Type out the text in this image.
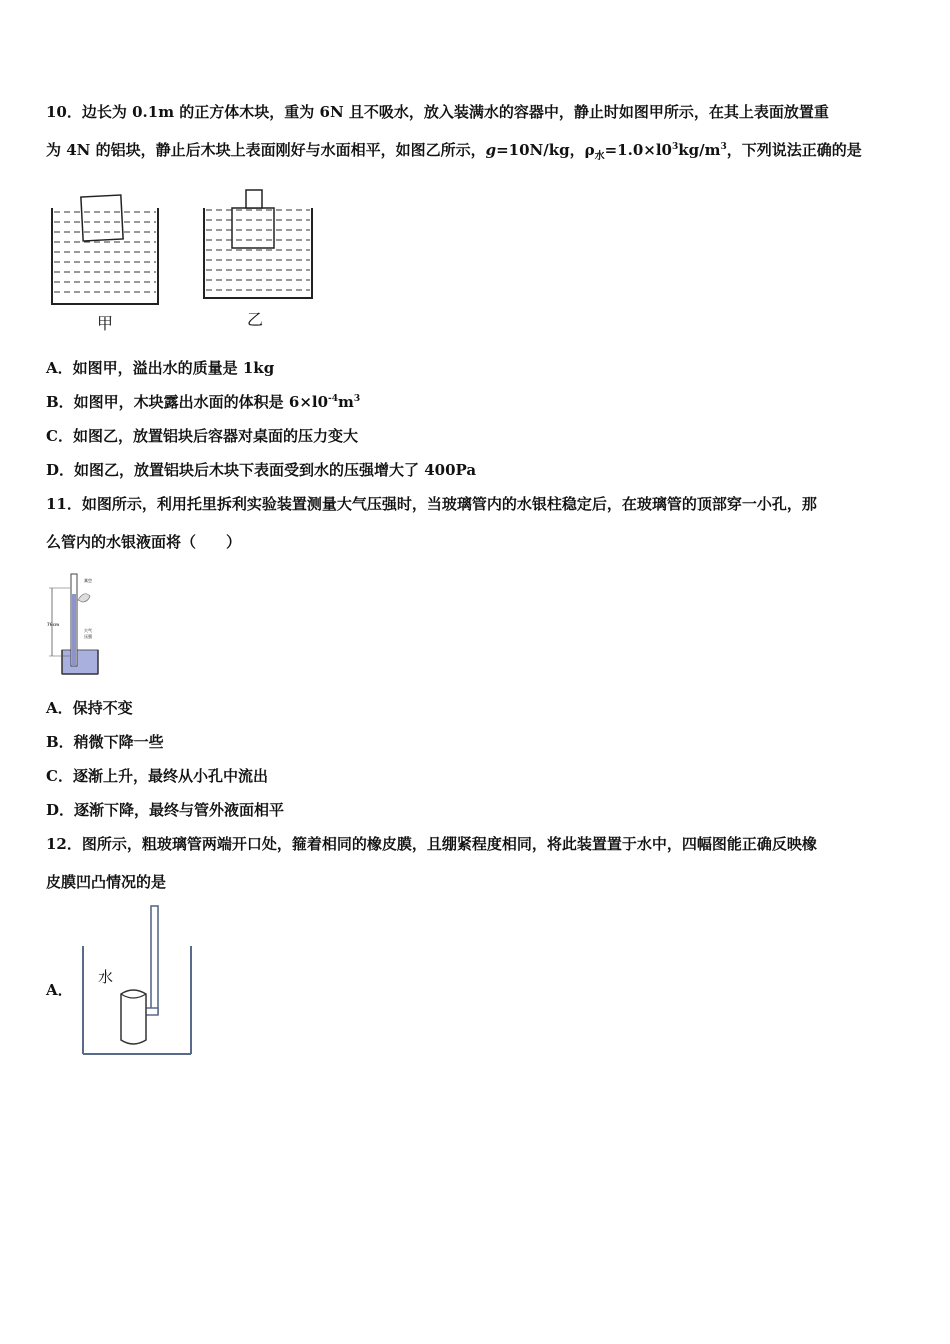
10．边长为 0.1m 的正方体木块，重为 6N 且不吸水，放入装满水的容器中，静止时如图甲所示，在其上表面放置重
为 4N 的铝块，静止后木块上表面刚好与水面相平，如图乙所示，g=10N/kg，$\rho_水=1.0\times l0^3kg/m^3$，下列说法正确的是
甲	乙
A．如图甲，溢出水的质量是 1kg
B．如图甲，木块露出水面的体积是 $6\times l0^{-4}m^3$
C．如图乙，放置铝块后容器对桌面的压力变大
D．如图乙，放置铝块后木块下表面受到水的压强增大了 400Pa
11．如图所示，利用托里拆利实验装置测量大气压强时，当玻璃管内的水银柱稳定后，在玻璃管的顶部穿一小孔，那
么管内的水银液面将（　　）
76cm
真空
大气
压强
A．保持不变
B．稍微下降一些
C．逐渐上升，最终从小孔中流出
D．逐渐下降，最终与管外液面相平
12．图所示，粗玻璃管两端开口处，箍着相同的橡皮膜，且绷紧程度相同，将此装置置于水中，四幅图能正确反映橡
皮膜凹凸情况的是
A．
水
